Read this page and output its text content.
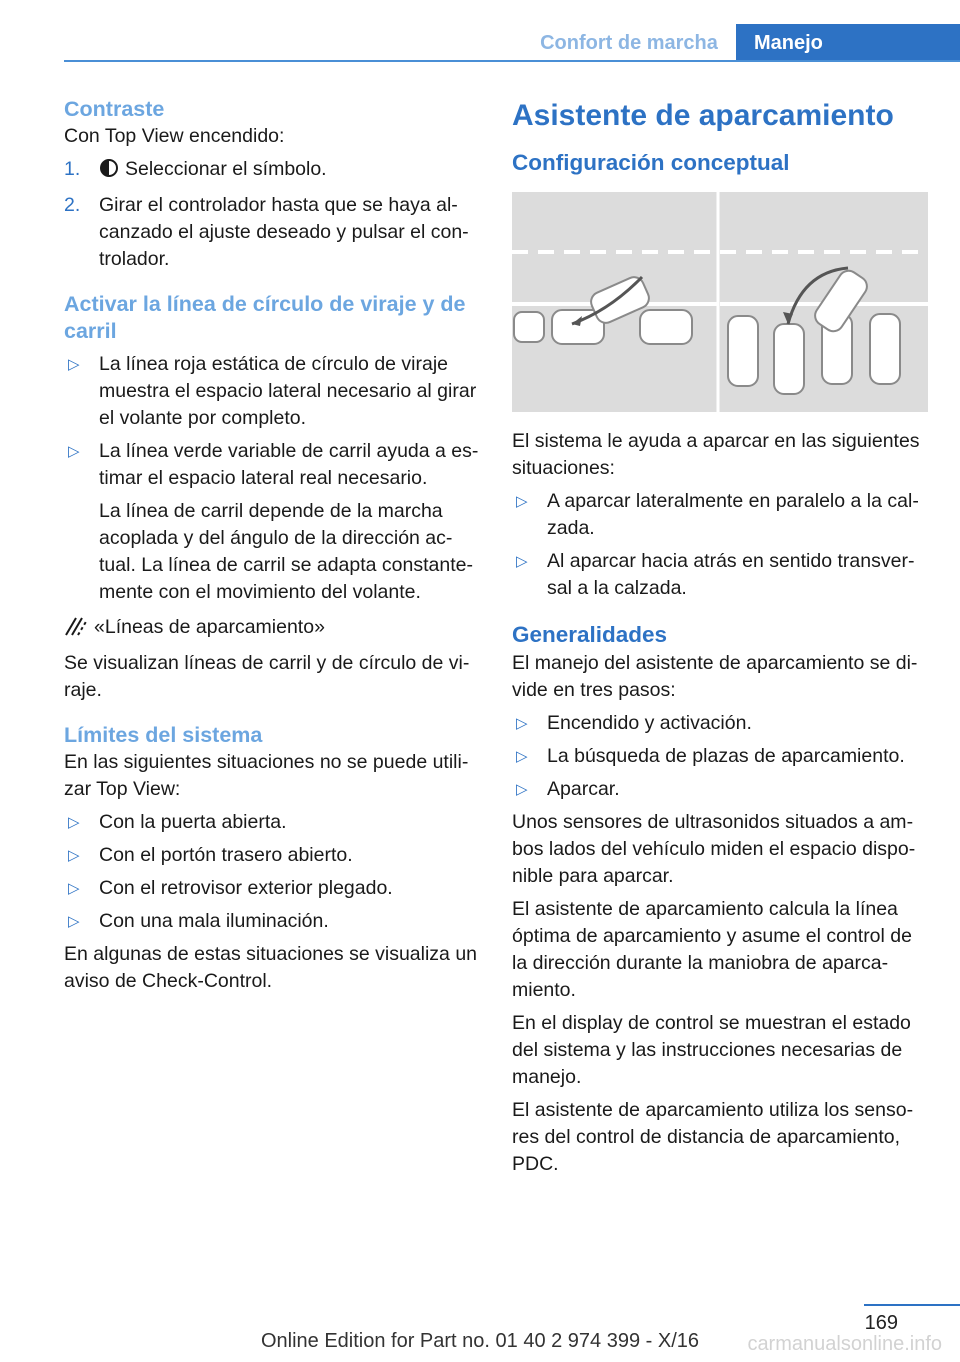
Confort de marcha	Manejo
Contraste

Con Top View encendido:

1. Seleccionar el símbolo.
2. Girar el controlador hasta que se haya alcanzado el ajuste deseado y pulsar el controlador.
Activar la línea de círculo de viraje y de carril
▷ La línea roja estática de círculo de viraje muestra el espacio lateral necesario al girar el volante por completo.
▷ La línea verde variable de carril ayuda a estimar el espacio lateral real necesario.

La línea de carril depende de la marcha acoplada y del ángulo de la dirección actual. La línea de carril se adapta constantemente con el movimiento del volante.

«Líneas de aparcamiento»

Se visualizan líneas de carril y de círculo de viraje.

Límites del sistema

En las siguientes situaciones no se puede utilizar Top View:

▷ Con la puerta abierta.
▷ Con el portón trasero abierto.
▷ Con el retrovisor exterior plegado.
▷ Con una mala iluminación.

En algunas de estas situaciones se visualiza un aviso de Check-Control.

Asistente de aparcamiento
Configuración conceptual

El sistema le ayuda a aparcar en las siguientes situaciones:

▷ A aparcar lateralmente en paralelo a la calzada.
▷ Al aparcar hacia atrás en sentido transversal a la calzada.
Generalidades

El manejo del asistente de aparcamiento se divide en tres pasos:

▷ Encendido y activación.
▷ La búsqueda de plazas de aparcamiento.
▷ Aparcar.

Unos sensores de ultrasonidos situados a ambos lados del vehículo miden el espacio disponible para aparcar.

El asistente de aparcamiento calcula la línea óptima de aparcamiento y asume el control de la dirección durante la maniobra de aparcamiento.

En el display de control se muestran el estado del sistema y las instrucciones necesarias de manejo.

El asistente de aparcamiento utiliza los sensores del control de distancia de aparcamiento, PDC.

169
Online Edition for Part no. 01 40 2 974 399 - X/16	carmanualsonline.info
